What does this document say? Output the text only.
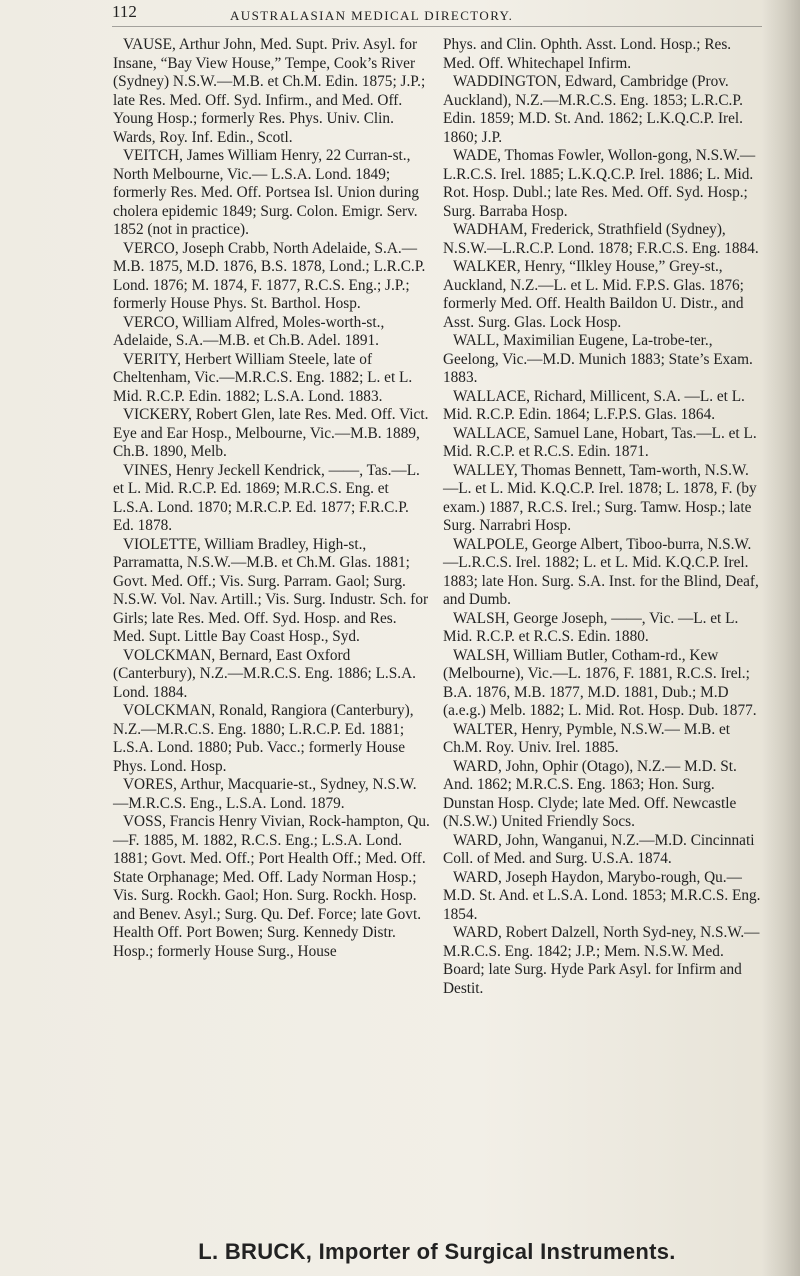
112	AUSTRALASIAN MEDICAL DIRECTORY.

VAUSE, Arthur John, Med. Supt. Priv. Asyl. for Insane, “Bay View House,” Tempe, Cook’s River (Sydney) N.S.W.—M.B. et Ch.M. Edin. 1875; J.P.; late Res. Med. Off. Syd. Infirm., and Med. Off. Young Hosp.; formerly Res. Phys. Univ. Clin. Wards, Roy. Inf. Edin., Scotl.

VEITCH, James William Henry, 22 Curran-st., North Melbourne, Vic.— L.S.A. Lond. 1849; formerly Res. Med. Off. Portsea Isl. Union during cholera epidemic 1849; Surg. Colon. Emigr. Serv. 1852 (not in practice).

VERCO, Joseph Crabb, North Adelaide, S.A.—M.B. 1875, M.D. 1876, B.S. 1878, Lond.; L.R.C.P. Lond. 1876; M. 1874, F. 1877, R.C.S. Eng.; J.P.; formerly House Phys. St. Barthol. Hosp.

VERCO, William Alfred, Moles-worth-st., Adelaide, S.A.—M.B. et Ch.B. Adel. 1891.

VERITY, Herbert William Steele, late of Cheltenham, Vic.—M.R.C.S. Eng. 1882; L. et L. Mid. R.C.P. Edin. 1882; L.S.A. Lond. 1883.

VICKERY, Robert Glen, late Res. Med. Off. Vict. Eye and Ear Hosp., Melbourne, Vic.—M.B. 1889, Ch.B. 1890, Melb.

VINES, Henry Jeckell Kendrick, ——, Tas.—L. et L. Mid. R.C.P. Ed. 1869; M.R.C.S. Eng. et L.S.A. Lond. 1870; M.R.C.P. Ed. 1877; F.R.C.P. Ed. 1878.

VIOLETTE, William Bradley, High-st., Parramatta, N.S.W.—M.B. et Ch.M. Glas. 1881; Govt. Med. Off.; Vis. Surg. Parram. Gaol; Surg. N.S.W. Vol. Nav. Artill.; Vis. Surg. Industr. Sch. for Girls; late Res. Med. Off. Syd. Hosp. and Res. Med. Supt. Little Bay Coast Hosp., Syd.

VOLCKMAN, Bernard, East Oxford (Canterbury), N.Z.—M.R.C.S. Eng. 1886; L.S.A. Lond. 1884.

VOLCKMAN, Ronald, Rangiora (Canterbury), N.Z.—M.R.C.S. Eng. 1880; L.R.C.P. Ed. 1881; L.S.A. Lond. 1880; Pub. Vacc.; formerly House Phys. Lond. Hosp.

VORES, Arthur, Macquarie-st., Sydney, N.S.W.—M.R.C.S. Eng., L.S.A. Lond. 1879.

VOSS, Francis Henry Vivian, Rock-hampton, Qu.—F. 1885, M. 1882, R.C.S. Eng.; L.S.A. Lond. 1881; Govt. Med. Off.; Port Health Off.; Med. Off. State Orphanage; Med. Off. Lady Norman Hosp.; Vis. Surg. Rockh. Gaol; Hon. Surg. Rockh. Hosp. and Benev. Asyl.; Surg. Qu. Def. Force; late Govt. Health Off. Port Bowen; Surg. Kennedy Distr. Hosp.; formerly House Surg., House

Phys. and Clin. Ophth. Asst. Lond. Hosp.; Res. Med. Off. Whitechapel Infirm.

WADDINGTON, Edward, Cambridge (Prov. Auckland), N.Z.—M.R.C.S. Eng. 1853; L.R.C.P. Edin. 1859; M.D. St. And. 1862; L.K.Q.C.P. Irel. 1860; J.P.

WADE, Thomas Fowler, Wollon-gong, N.S.W.—L.R.C.S. Irel. 1885; L.K.Q.C.P. Irel. 1886; L. Mid. Rot. Hosp. Dubl.; late Res. Med. Off. Syd. Hosp.; Surg. Barraba Hosp.

WADHAM, Frederick, Strathfield (Sydney), N.S.W.—L.R.C.P. Lond. 1878; F.R.C.S. Eng. 1884.

WALKER, Henry, “Ilkley House,” Grey-st., Auckland, N.Z.—L. et L. Mid. F.P.S. Glas. 1876; formerly Med. Off. Health Baildon U. Distr., and Asst. Surg. Glas. Lock Hosp.

WALL, Maximilian Eugene, La-trobe-ter., Geelong, Vic.—M.D. Munich 1883; State’s Exam. 1883.

WALLACE, Richard, Millicent, S.A. —L. et L. Mid. R.C.P. Edin. 1864; L.F.P.S. Glas. 1864.

WALLACE, Samuel Lane, Hobart, Tas.—L. et L. Mid. R.C.P. et R.C.S. Edin. 1871.

WALLEY, Thomas Bennett, Tam-worth, N.S.W.—L. et L. Mid. K.Q.C.P. Irel. 1878; L. 1878, F. (by exam.) 1887, R.C.S. Irel.; Surg. Tamw. Hosp.; late Surg. Narrabri Hosp.

WALPOLE, George Albert, Tiboo-burra, N.S.W.—L.R.C.S. Irel. 1882; L. et L. Mid. K.Q.C.P. Irel. 1883; late Hon. Surg. S.A. Inst. for the Blind, Deaf, and Dumb.

WALSH, George Joseph, ——, Vic. —L. et L. Mid. R.C.P. et R.C.S. Edin. 1880.

WALSH, William Butler, Cotham-rd., Kew (Melbourne), Vic.—L. 1876, F. 1881, R.C.S. Irel.; B.A. 1876, M.B. 1877, M.D. 1881, Dub.; M.D (a.e.g.) Melb. 1882; L. Mid. Rot. Hosp. Dub. 1877.

WALTER, Henry, Pymble, N.S.W.— M.B. et Ch.M. Roy. Univ. Irel. 1885.

WARD, John, Ophir (Otago), N.Z.— M.D. St. And. 1862; M.R.C.S. Eng. 1863; Hon. Surg. Dunstan Hosp. Clyde; late Med. Off. Newcastle (N.S.W.) United Friendly Socs.

WARD, John, Wanganui, N.Z.—M.D. Cincinnati Coll. of Med. and Surg. U.S.A. 1874.

WARD, Joseph Haydon, Marybo-rough, Qu.—M.D. St. And. et L.S.A. Lond. 1853; M.R.C.S. Eng. 1854.

WARD, Robert Dalzell, North Syd-ney, N.S.W.—M.R.C.S. Eng. 1842; J.P.; Mem. N.S.W. Med. Board; late Surg. Hyde Park Asyl. for Infirm and Destit.

L. BRUCK, Importer of Surgical Instruments.
